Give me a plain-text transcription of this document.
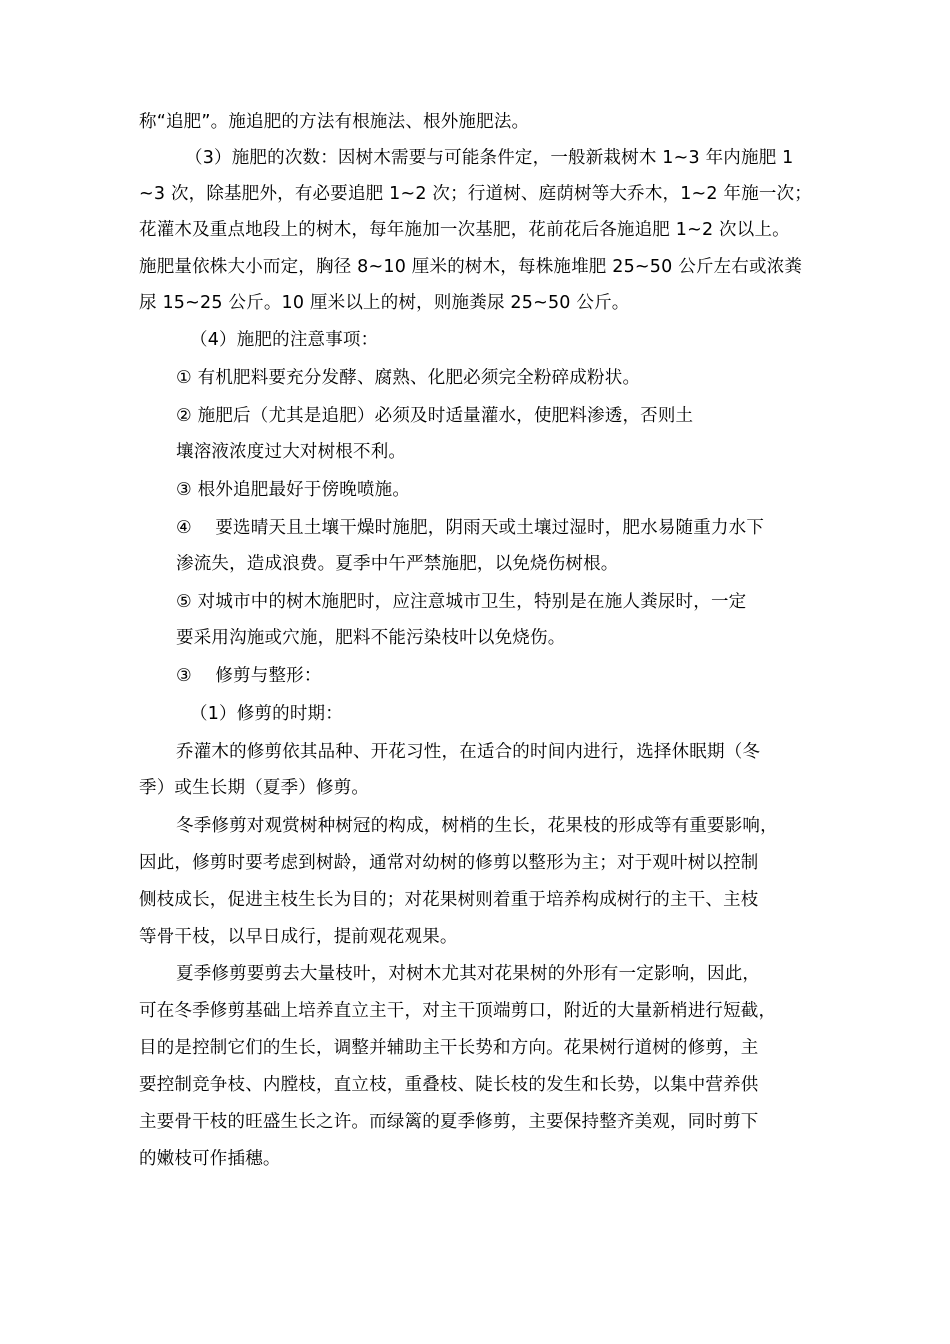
称“追肥”。施追肥的方法有根施法、根外施肥法。
（3）施肥的次数：因树木需要与可能条件定，一般新栽树木 1~3 年内施肥 1
~3 次，除基肥外，有必要追肥 1~2 次；行道树、庭荫树等大乔木，1~2 年施一次；
花灌木及重点地段上的树木，每年施加一次基肥，花前花后各施追肥 1~2 次以上。
施肥量依株大小而定，胸径 8~10 厘米的树木，每株施堆肥 25~50 公斤左右或浓粪
尿 15~25 公斤。10 厘米以上的树，则施粪尿 25~50 公斤。
（4）施肥的注意事项：
① 有机肥料要充分发酵、腐熟、化肥必须完全粉碎成粉状。
② 施肥后（尤其是追肥）必须及时适量灌水，使肥料渗透，否则土
壤溶液浓度过大对树根不利。
③ 根外追肥最好于傍晚喷施。
④　 要选晴天且土壤干燥时施肥，阴雨天或土壤过湿时，肥水易随重力水下
渗流失，造成浪费。夏季中午严禁施肥，以免烧伤树根。
⑤ 对城市中的树木施肥时，应注意城市卫生，特别是在施人粪尿时，一定
要采用沟施或穴施，肥料不能污染枝叶以免烧伤。
③　 修剪与整形：
（1）修剪的时期：
乔灌木的修剪依其品种、开花习性，在适合的时间内进行，选择休眠期（冬
季）或生长期（夏季）修剪。
冬季修剪对观赏树种树冠的构成，树梢的生长，花果枝的形成等有重要影响，
因此，修剪时要考虑到树龄，通常对幼树的修剪以整形为主；对于观叶树以控制
侧枝成长，促进主枝生长为目的；对花果树则着重于培养构成树行的主干、主枝
等骨干枝，以早日成行，提前观花观果。
夏季修剪要剪去大量枝叶，对树木尤其对花果树的外形有一定影响，因此，
可在冬季修剪基础上培养直立主干，对主干顶端剪口，附近的大量新梢进行短截，
目的是控制它们的生长，调整并辅助主干长势和方向。花果树行道树的修剪，主
要控制竞争枝、内膛枝，直立枝，重叠枝、陡长枝的发生和长势，以集中营养供
主要骨干枝的旺盛生长之许。而绿篱的夏季修剪，主要保持整齐美观，同时剪下
的嫩枝可作插穗。
